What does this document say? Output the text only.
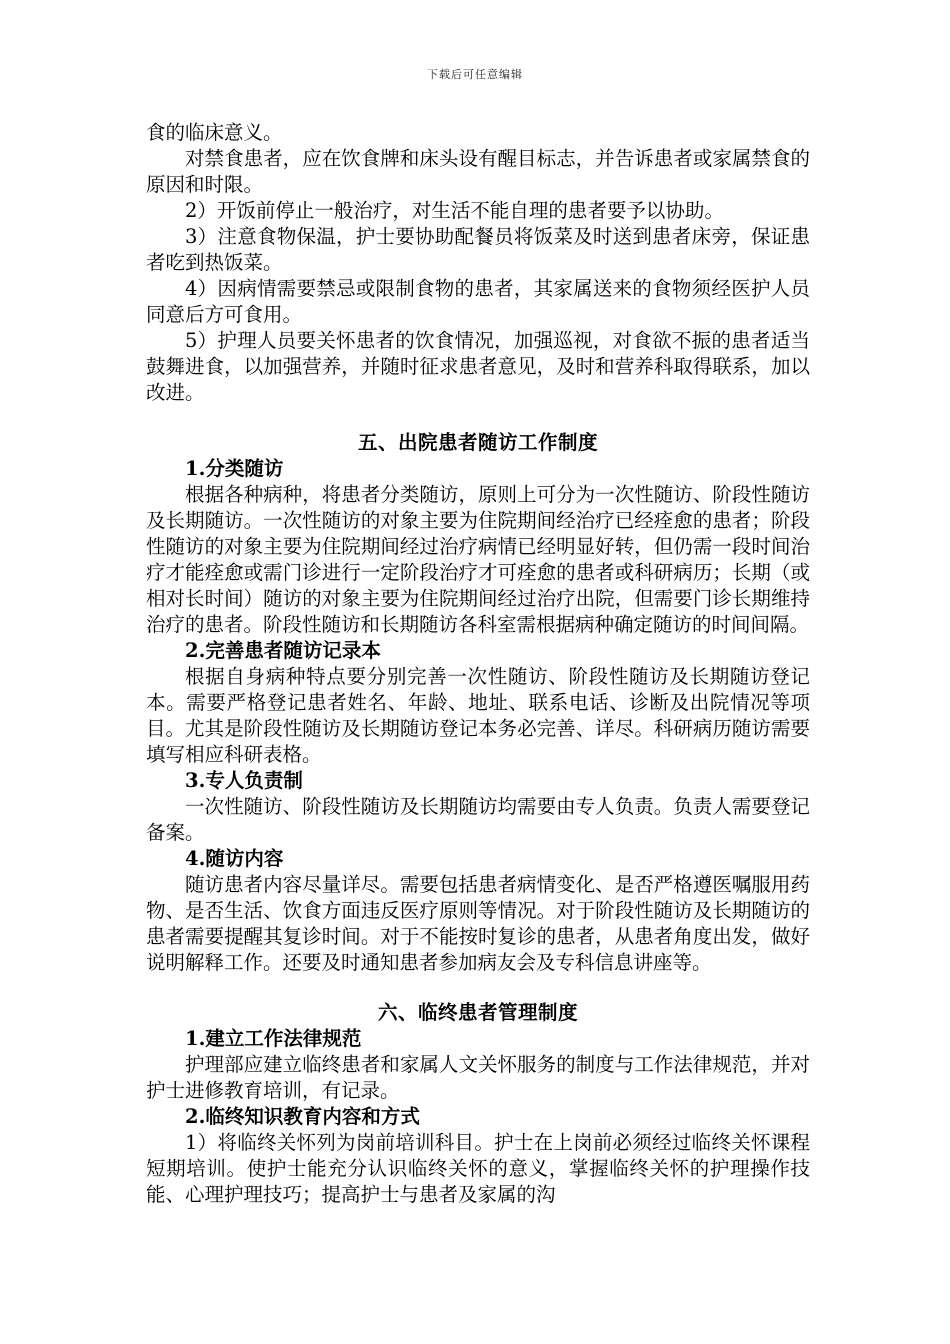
下载后可任意编辑

食的临床意义。

对禁食患者，应在饮食牌和床头设有醒目标志，并告诉患者或家属禁食的原因和时限。

2）开饭前停止一般治疗，对生活不能自理的患者要予以协助。

3）注意食物保温，护士要协助配餐员将饭菜及时送到患者床旁，保证患者吃到热饭菜。

4）因病情需要禁忌或限制食物的患者，其家属送来的食物须经医护人员同意后方可食用。

5）护理人员要关怀患者的饮食情况，加强巡视，对食欲不振的患者适当鼓舞进食，以加强营养，并随时征求患者意见，及时和营养科取得联系，加以改进。

五、出院患者随访工作制度
1.分类随访

根据各种病种，将患者分类随访，原则上可分为一次性随访、阶段性随访及长期随访。一次性随访的对象主要为住院期间经治疗已经痊愈的患者；阶段性随访的对象主要为住院期间经过治疗病情已经明显好转，但仍需一段时间治疗才能痊愈或需门诊进行一定阶段治疗才可痊愈的患者或科研病历；长期（或相对长时间）随访的对象主要为住院期间经过治疗出院，但需要门诊长期维持治疗的患者。阶段性随访和长期随访各科室需根据病种确定随访的时间间隔。

2.完善患者随访记录本

根据自身病种特点要分别完善一次性随访、阶段性随访及长期随访登记本。需要严格登记患者姓名、年龄、地址、联系电话、诊断及出院情况等项目。尤其是阶段性随访及长期随访登记本务必完善、详尽。科研病历随访需要填写相应科研表格。

3.专人负责制

一次性随访、阶段性随访及长期随访均需要由专人负责。负责人需要登记备案。

4.随访内容

随访患者内容尽量详尽。需要包括患者病情变化、是否严格遵医嘱服用药物、是否生活、饮食方面违反医疗原则等情况。对于阶段性随访及长期随访的患者需要提醒其复诊时间。对于不能按时复诊的患者，从患者角度出发，做好说明解释工作。还要及时通知患者参加病友会及专科信息讲座等。

六、临终患者管理制度
1.建立工作法律规范

护理部应建立临终患者和家属人文关怀服务的制度与工作法律规范，并对护士进修教育培训，有记录。

2.临终知识教育内容和方式

1）将临终关怀列为岗前培训科目。护士在上岗前必须经过临终关怀课程短期培训。使护士能充分认识临终关怀的意义，掌握临终关怀的护理操作技能、心理护理技巧；提高护士与患者及家属的沟
